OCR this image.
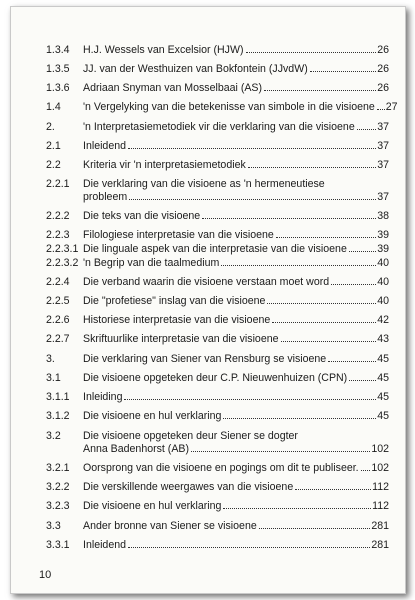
1.3.4 H.J. Wessels van Excelsior (HJW)	26
1.3.5 JJ. van der Westhuizen van Bokfontein (JJvdW)	26
1.3.6 Adriaan Snyman van Mosselbaai (AS)	26
1.4 'n Vergelyking van die betekenisse van simbole in die visioene 27
2.	'n Interpretasiemetodiek vir die verklaring van die visioene 37
2.1 Inleidend	37
2.2 Kriteria vir 'n interpretasiemetodiek	37
2.2.1 Die verklaring van die visioene as 'n hermeneutiese
probleem	37
2.2.2 Die teks van die visioene	38
2.2.3 Filologiese interpretasie van die visioene	39
2.2.3.1 Die linguale aspek van die interpretasie van die visioene	39
2.2.3.2 'n Begrip van die taalmedium	40
2.2.4 Die verband waarin die visioene verstaan moet word	40
2.2.5 Die "profetiese" inslag van die visioene	40
2.2.6 Historiese interpretasie van die visioene	42
2.2.7 Skriftuurlike interpretasie van die visioene	43
3.	Die verklaring van Siener van Rensburg se visioene	45
3.1 Die visioene opgeteken deur C.P. Nieuwenhuizen (CPN)	45
3.1.1 Inleiding	45
3.1.2 Die visioene en hul verklaring	45
3.2 Die visioene opgeteken deur Siener se dogter
Anna Badenhorst (AB)	102
3.2.1 Oorsprong van die visioene en pogings om dit te publiseer. 102
3.2.2 Die verskillende weergawes van die visioene	112
3.2.3 Die visioene en hul verklaring	112
3.3 Ander bronne van Siener se visioene	281
3.3.1 Inleidend	281
10
